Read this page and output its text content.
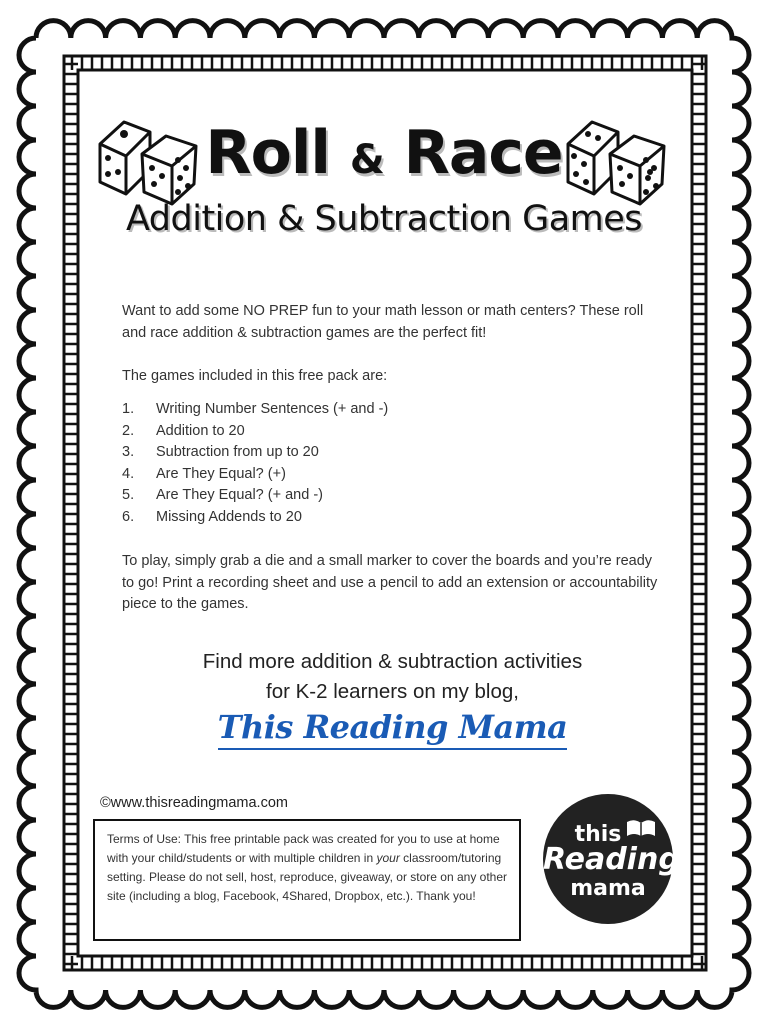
Roll & Race
Addition & Subtraction Games
Want to add some NO PREP fun to your math lesson or math centers? These roll and race addition & subtraction games are the perfect fit!
The games included in this free pack are:
1.	Writing Number Sentences (+ and -)
2.	Addition to 20
3.	Subtraction from up to 20
4.	Are They Equal? (+)
5.	Are They Equal? (+ and -)
6.	Missing Addends to 20
To play, simply grab a die and a small marker to cover the boards and you’re ready to go! Print a recording sheet and use a pencil to add an extension or accountability piece to the games.
Find more addition & subtraction activities
for K-2 learners on my blog,
This Reading Mama
©www.thisreadingmama.com
Terms of Use: This free printable pack was created for you to use at home with your child/students or with multiple children in your classroom/tutoring setting. Please do not sell, host, reproduce, giveaway, or store on any other site (including a blog, Facebook, 4Shared, Dropbox, etc.). Thank you!
this
Reading
mama
